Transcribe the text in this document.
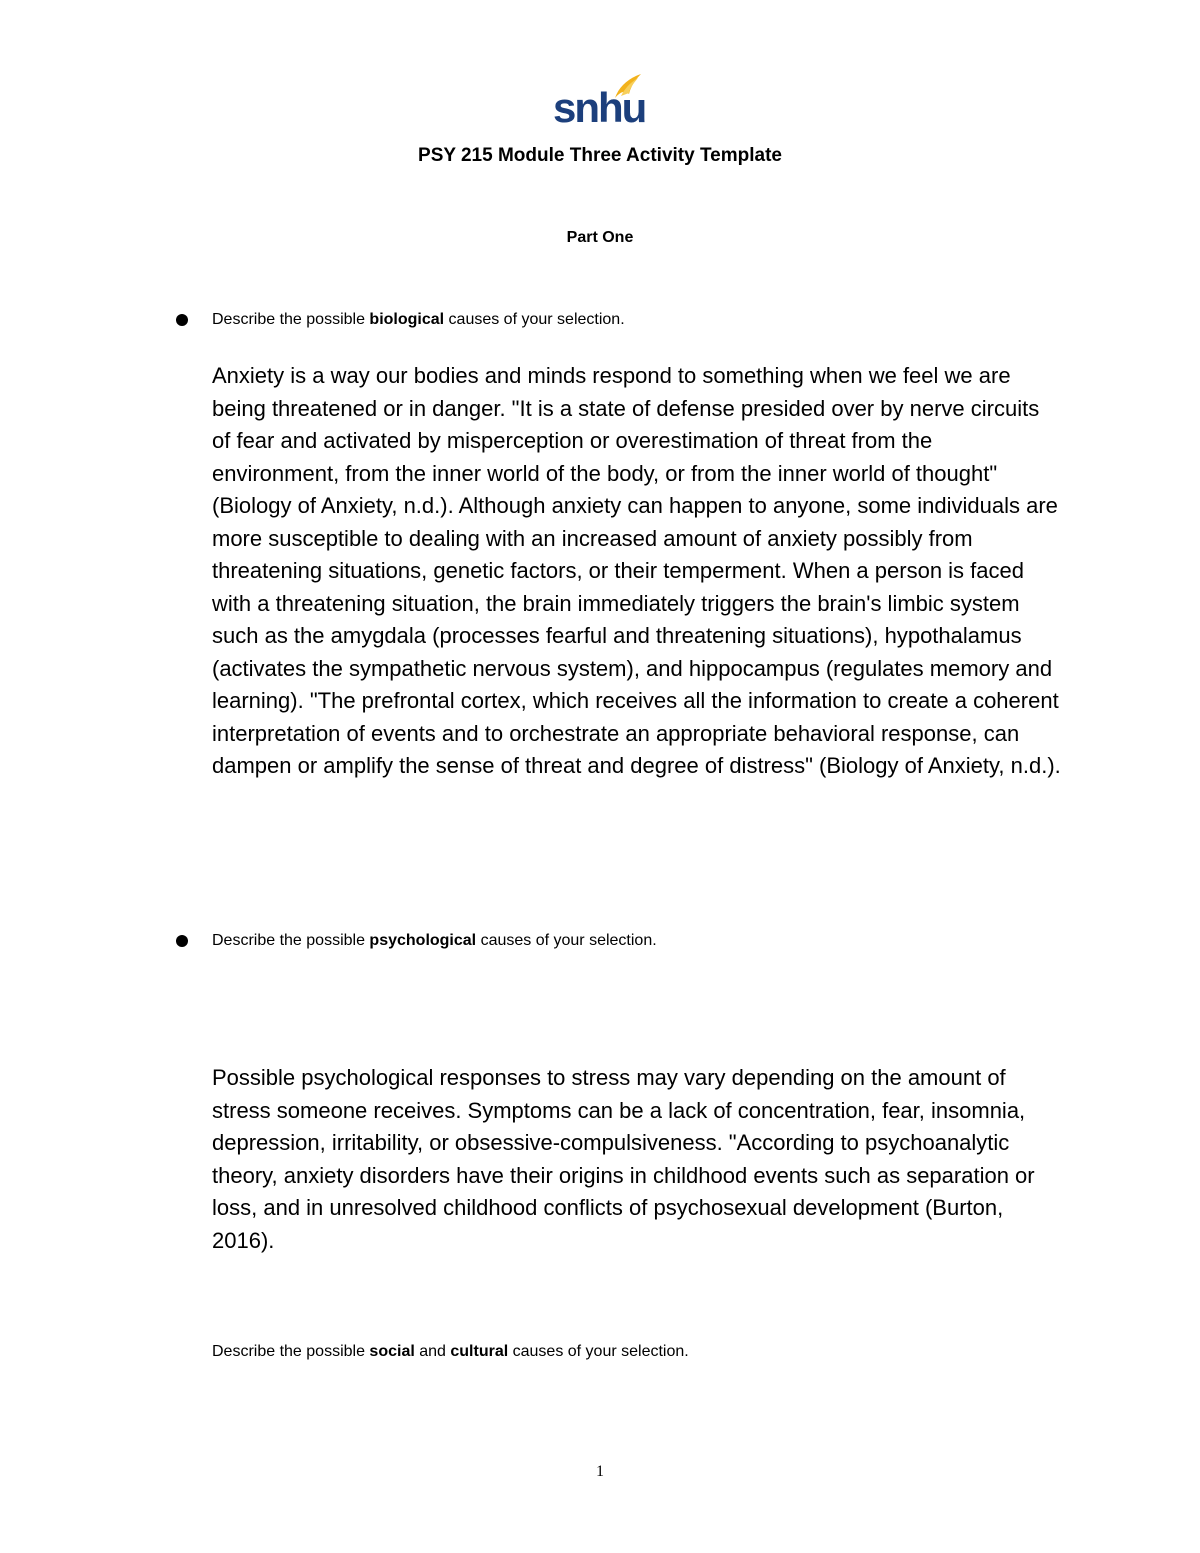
snhu
PSY 215 Module Three Activity Template
Part One
Describe the possible biological causes of your selection.

Anxiety is a way our bodies and minds respond to something when we feel we are being threatened or in danger. "It is a state of defense presided over by nerve circuits of fear and activated by misperception or overestimation of threat from the environment, from the inner world of the body, or from the inner world of thought" (Biology of Anxiety, n.d.). Although anxiety can happen to anyone, some individuals are more susceptible to dealing with an increased amount of anxiety possibly from threatening situations, genetic factors, or their temperment. When a person is faced with a threatening situation, the brain immediately triggers the brain's limbic system such as the amygdala (processes fearful and threatening situations), hypothalamus (activates the sympathetic nervous system), and hippocampus (regulates memory and learning). "The prefrontal cortex, which receives all the information to create a coherent interpretation of events and to orchestrate an appropriate behavioral response, can dampen or amplify the sense of threat and degree of distress" (Biology of Anxiety, n.d.).

Describe the possible psychological causes of your selection.

Possible psychological responses to stress may vary depending on the amount of stress someone receives. Symptoms can be a lack of concentration, fear, insomnia, depression, irritability, or obsessive-compulsiveness. "According to psychoanalytic theory, anxiety disorders have their origins in childhood events such as separation or loss, and in unresolved childhood conflicts of psychosexual development (Burton, 2016).

Describe the possible social and cultural causes of your selection.
1
